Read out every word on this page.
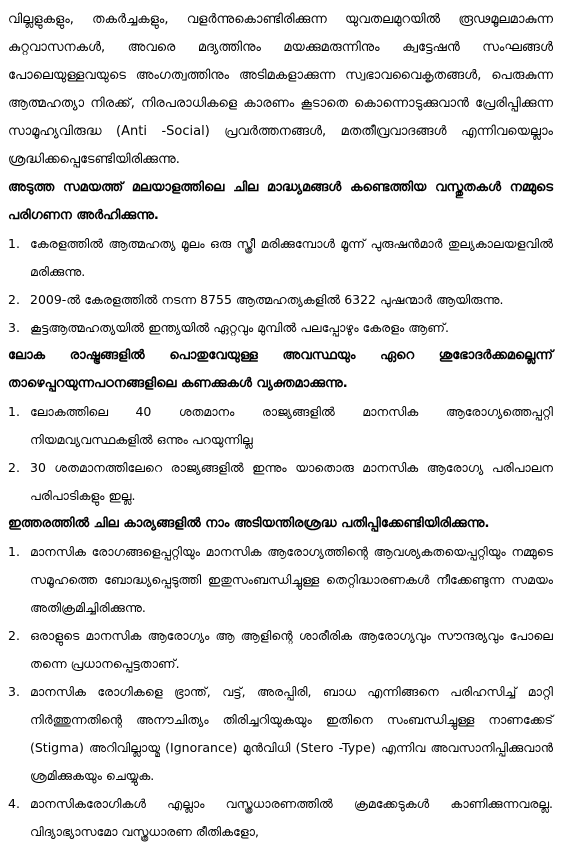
വില്ലളുകളും, തകർച്ചകളും, വളർന്നുകൊണ്ടിരിക്കുന്ന യുവതലമുറയിൽ രൂഢമൂലമാകുന്ന കുറ്റവാസനകൾ, അവരെ മദ്യത്തിനും മയക്കുമരുന്നിനും ക്വട്ടേഷൻ സംഘങ്ങൾ പോലെയുള്ളവയുടെ അംഗത്വത്തിനും അടിമകളാക്കുന്ന സ്വഭാവവൈകൃതങ്ങൾ, പെരുകുന്ന ആത്മഹത്യാ നിരക്ക്, നിരപരാധികളെ കാരണം കൂടാതെ കൊന്നൊടുക്കുവാൻ പ്രേരിപ്പിക്കുന്ന സാമൂഹ്യവിരുദ്ധ (Anti -Social) പ്രവർത്തനങ്ങൾ, മതതീവ്രവാദങ്ങൾ എന്നിവയെല്ലാം ശ്രദ്ധിക്കപ്പെടേണ്ടിയിരിക്കുന്നു.

അടുത്ത സമയത്ത് മലയാളത്തിലെ ചില മാദ്ധ്യമങ്ങൾ കണ്ടെത്തിയ വസ്തുതകൾ നമ്മുടെ പരിഗണന അർഹിക്കുന്നു.

1. കേരളത്തിൽ ആത്മഹത്യ മൂലം ഒരു സ്ത്രീ മരിക്കുമ്പോൾ മൂന്ന് പുരുഷൻമാർ തുല്യകാലയളവിൽ മരിക്കുന്നു.

2. 2009-ൽ കേരളത്തിൽ നടന്ന 8755 ആത്മഹത്യകളിൽ 6322 പുഷന്മാർ ആയിരുന്നു.

3. കൂട്ടആത്മഹത്യയിൽ ഇന്ത്യയിൽ ഏറ്റവും മുമ്പിൽ പലപ്പോഴും കേരളം ആണ്.

ലോക രാഷ്ട്രങ്ങളിൽ പൊതുവേയുള്ള അവസ്ഥയും ഏറെ ശുഭോദർക്കമല്ലെന്ന് താഴെപ്പറയുന്നപഠനങ്ങളിലെ കണക്കുകൾ വ്യക്തമാക്കുന്നു.

1. ലോകത്തിലെ 40 ശതമാനം രാജ്യങ്ങളിൽ മാനസിക ആരോഗ്യത്തെപ്പറ്റി നിയമവ്യവസ്ഥകളിൽ ഒന്നും പറയുന്നില്ല

2. 30 ശതമാനത്തിലേറെ രാജ്യങ്ങളിൽ ഇന്നും യാതൊരു മാനസിക ആരോഗ്യ പരിപാലന പരിപാടികളും ഇല്ല.

ഇത്തരത്തിൽ ചില കാര്യങ്ങളിൽ നാം അടിയന്തിരശ്രദ്ധ പതിപ്പിക്കേണ്ടിയിരിക്കുന്നു.

1. മാനസിക രോഗങ്ങളെപ്പറ്റിയും മാനസിക ആരോഗ്യത്തിന്റെ ആവശ്യകതയെപ്പറ്റിയും നമ്മുടെ സമൂഹത്തെ ബോദ്ധ്യപ്പെടുത്തി ഇതുസംബന്ധിച്ചുള്ള തെറ്റിദ്ധാരണകൾ നീക്കേണ്ടുന്ന സമയം അതിക്രമിച്ചിരിക്കുന്നു.

2. ഒരാളുടെ മാനസിക ആരോഗ്യം ആ ആളിന്റെ ശാരീരിക ആരോഗ്യവും സൗന്ദര്യവും പോലെ തന്നെ പ്രധാനപ്പെട്ടതാണ്.

3. മാനസിക രോഗികളെ ഭ്രാന്ത്, വട്ട്, അരപ്പിരി, ബാധ എന്നിങ്ങനെ പരിഹസിച്ച് മാറ്റി നിർത്തുന്നതിന്റെ അനൗചിത്യം തിരിച്ചറിയുകയും ഇതിനെ സംബന്ധിച്ചുള്ള നാണക്കേട് (Stigma) അറിവില്ലായ്മ (Ignorance) മുൻവിധി (Stero -Type) എന്നിവ അവസാനിപ്പിക്കുവാൻ ശ്രമിക്കുകയും ചെയ്യുക.

4. മാനസികരോഗികൾ എല്ലാം വസ്ത്രധാരണത്തിൽ ക്രമക്കേടുകൾ കാണിക്കുന്നവരല്ല. വിദ്യാഭ്യാസമോ വസ്ത്രധാരണ രീതികളോ,
